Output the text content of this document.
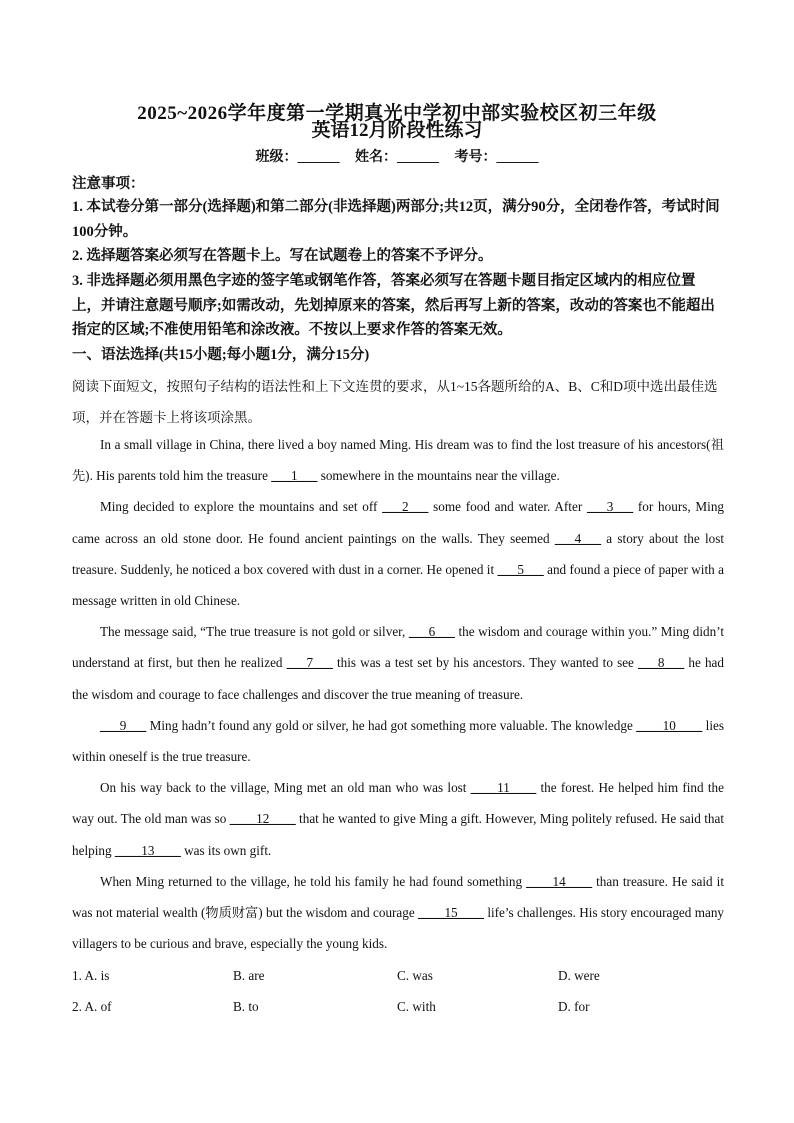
2025~2026学年度第一学期真光中学初中部实验校区初三年级
英语12月阶段性练习
班级：______ 姓名：______ 考号：______
注意事项：
1. 本试卷分第一部分(选择题)和第二部分(非选择题)两部分;共12页，满分90分，全闭卷作答，考试时间100分钟。
2. 选择题答案必须写在答题卡上。写在试题卷上的答案不予评分。
3. 非选择题必须用黑色字迹的签字笔或钢笔作答，答案必须写在答题卡题目指定区域内的相应位置上，并请注意题号顺序;如需改动，先划掉原来的答案，然后再写上新的答案，改动的答案也不能超出指定的区域;不准使用铅笔和涂改液。不按以上要求作答的答案无效。
一、语法选择(共15小题;每小题1分，满分15分)
阅读下面短文，按照句子结构的语法性和上下文连贯的要求，从1~15各题所给的A、B、C和D项中选出最佳选项，并在答题卡上将该项涂黑。

In a small village in China, there lived a boy named Ming. His dream was to find the lost treasure of his ancestors(祖先). His parents told him the treasure ___1___ somewhere in the mountains near the village.

Ming decided to explore the mountains and set off ___2___ some food and water. After ___3___ for hours, Ming came across an old stone door. He found ancient paintings on the walls. They seemed ___4___ a story about the lost treasure. Suddenly, he noticed a box covered with dust in a corner. He opened it ___5___ and found a piece of paper with a message written in old Chinese.

The message said, “The true treasure is not gold or silver, ___6___ the wisdom and courage within you.” Ming didn’t understand at first, but then he realized ___7___ this was a test set by his ancestors. They wanted to see ___8___ he had the wisdom and courage to face challenges and discover the true meaning of treasure.

___9___ Ming hadn’t found any gold or silver, he had got something more valuable. The knowledge ____10____ lies within oneself is the true treasure.

On his way back to the village, Ming met an old man who was lost ____11____ the forest. He helped him find the way out. The old man was so ____12____ that he wanted to give Ming a gift. However, Ming politely refused. He said that helping ____13____ was its own gift.

When Ming returned to the village, he told his family he had found something ____14____ than treasure. He said it was not material wealth (物质财富) but the wisdom and courage ____15____ life’s challenges. His story encouraged many villagers to be curious and brave, especially the young kids.

1. A. is	B. are	C. was	D. were
2. A. of	B. to	C. with	D. for
